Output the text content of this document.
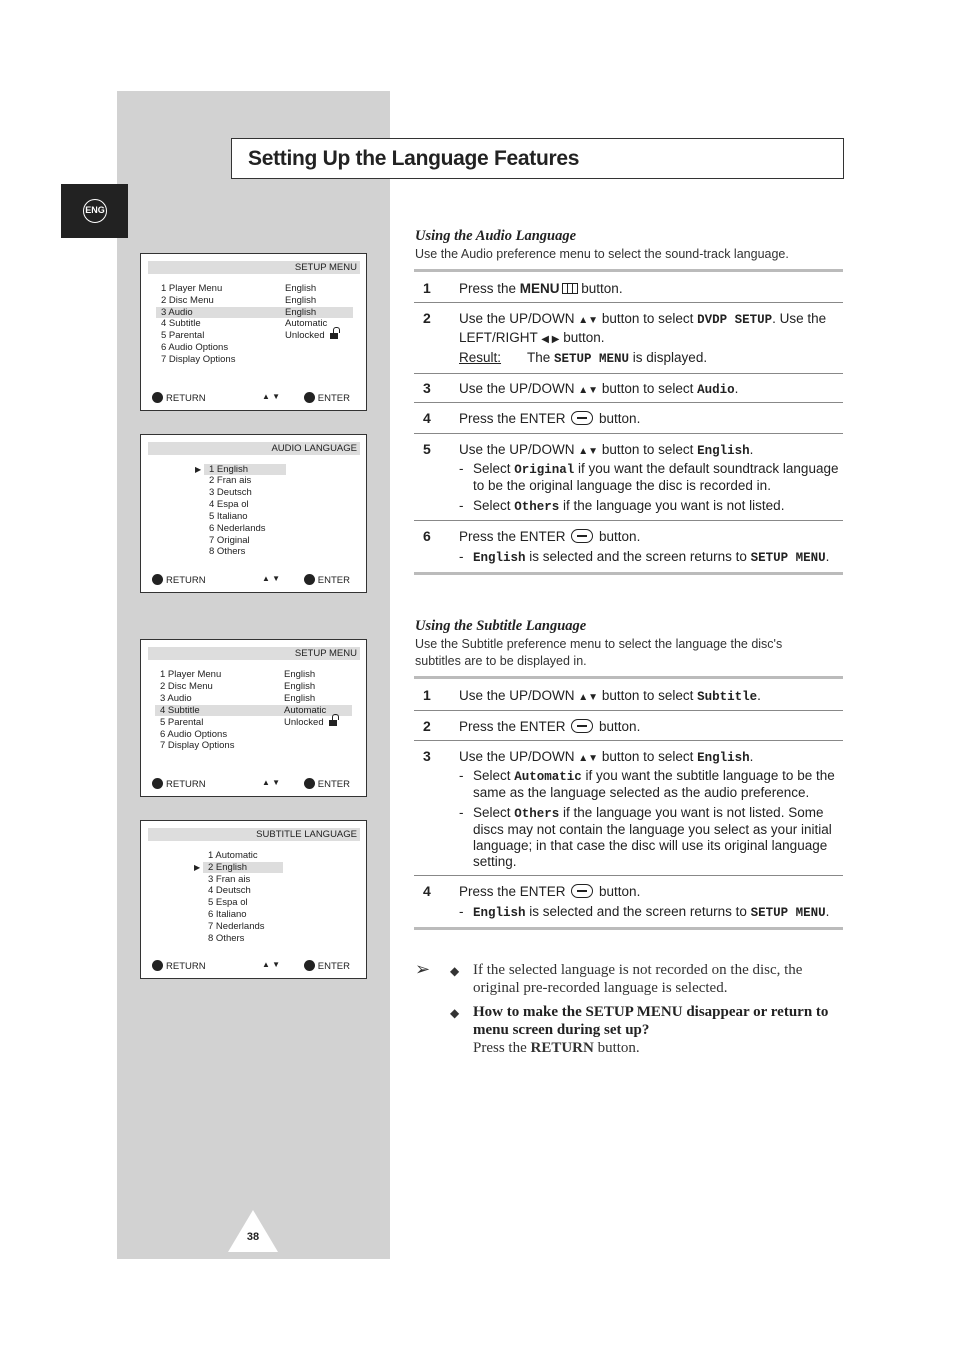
ENG
Setting Up the Language Features
SETUP MENU
1 Player Menu	English
2 Disc Menu	English
3 Audio	English
4 Subtitle	Automatic
5 Parental	Unlocked
6 Audio Options
7 Display Options
RETURN	▲ ▼	ENTER
AUDIO LANGUAGE
▶ 1 English
2 Fran ais
3 Deutsch
4 Espa ol
5 Italiano
6 Nederlands
7 Original
8 Others
RETURN	▲ ▼	ENTER
SETUP MENU
1 Player Menu	English
2 Disc Menu	English
3 Audio	English
4 Subtitle	Automatic
5 Parental	Unlocked
6 Audio Options
7 Display Options
RETURN	▲ ▼	ENTER
SUBTITLE LANGUAGE
1 Automatic
▶ 2 English
3 Fran ais
4 Deutsch
5 Espa ol
6 Italiano
7 Nederlands
8 Others
RETURN	▲ ▼	ENTER
Using the Audio Language
Use the Audio preference menu to select the sound-track language.
1 Press the MENU button.
2 Use the UP/DOWN ▲▼ button to select DVDP SETUP. Use the LEFT/RIGHT ◀ ▶ button.
Result: The SETUP MENU is displayed.
3 Use the UP/DOWN ▲▼ button to select Audio.
4 Press the ENTER  button.
5 Use the UP/DOWN ▲▼ button to select English.
- Select Original if you want the default soundtrack language to be the original language the disc is recorded in.
- Select Others if the language you want is not listed.
6 Press the ENTER  button.
- English is selected and the screen returns to SETUP MENU.
Using the Subtitle Language
Use the Subtitle preference menu to select the language the disc's subtitles are to be displayed in.
1 Use the UP/DOWN ▲▼ button to select Subtitle.
2 Press the ENTER  button.
3 Use the UP/DOWN ▲▼ button to select English.
- Select Automatic if you want the subtitle language to be the same as the language selected as the audio preference.
- Select Others if the language you want is not listed. Some discs may not contain the language you select as your initial language; in that case the disc will use its original language setting.
4 Press the ENTER  button.
- English is selected and the screen returns to SETUP MENU.
➢ ◆ If the selected language is not recorded on the disc, the original pre-recorded language is selected.
◆ How to make the SETUP MENU disappear or return to menu screen during set up?
Press the RETURN button.
38
